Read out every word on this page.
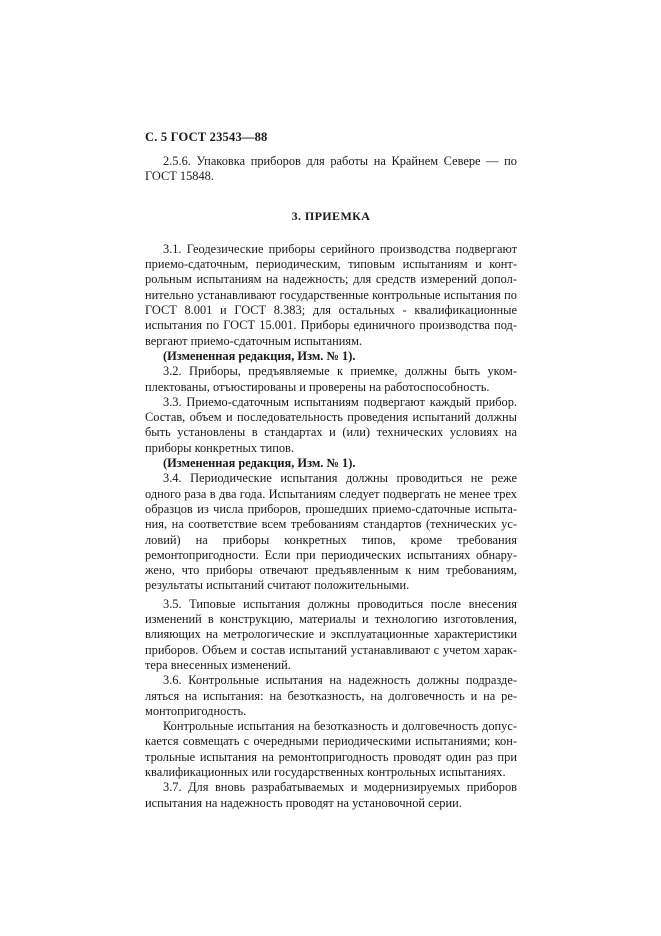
С. 5 ГОСТ 23543—88

2.5.6. Упаковка приборов для работы на Крайнем Севере — по ГОСТ 15848.

3. ПРИЕМКА

3.1. Геодезические приборы серийного производства подвергают приемо-сдаточным, периодическим, типовым испытаниям и контрольным испытаниям на надежность; для средств измерений дополнительно устанавливают государственные контрольные испытания по ГОСТ 8.001 и ГОСТ 8.383; для остальных - квалификационные испытания по ГОСТ 15.001. Приборы единичного производства подвергают приемо-сдаточным испытаниям.

(Измененная редакция, Изм. № 1).

3.2. Приборы, предъявляемые к приемке, должны быть укомплектованы, отъюстированы и проверены на работоспособность.

3.3. Приемо-сдаточным испытаниям подвергают каждый прибор. Состав, объем и последовательность проведения испытаний должны быть установлены в стандартах и (или) технических условиях на приборы конкретных типов.

(Измененная редакция, Изм. № 1).

3.4. Периодические испытания должны проводиться не реже одного раза в два года. Испытаниям следует подвергать не менее трех образцов из числа приборов, прошедших приемо-сдаточные испытания, на соответствие всем требованиям стандартов (технических условий) на приборы конкретных типов, кроме требования ремонтопригодности. Если при периодических испытаниях обнаружено, что приборы отвечают предъявленным к ним требованиям, результаты испытаний считают положительными.

3.5. Типовые испытания должны проводиться после внесения изменений в конструкцию, материалы и технологию изготовления, влияющих на метрологические и эксплуатационные характеристики приборов. Объем и состав испытаний устанавливают с учетом характера внесенных изменений.

3.6. Контрольные испытания на надежность должны подразделяться на испытания: на безотказность, на долговечность и на ремонтопригодность.

Контрольные испытания на безотказность и долговечность допускается совмещать с очередными периодическими испытаниями; контрольные испытания на ремонтопригодность проводят один раз при квалификационных или государственных контрольных испытаниях.

3.7. Для вновь разрабатываемых и модернизируемых приборов испытания на надежность проводят на установочной серии.
